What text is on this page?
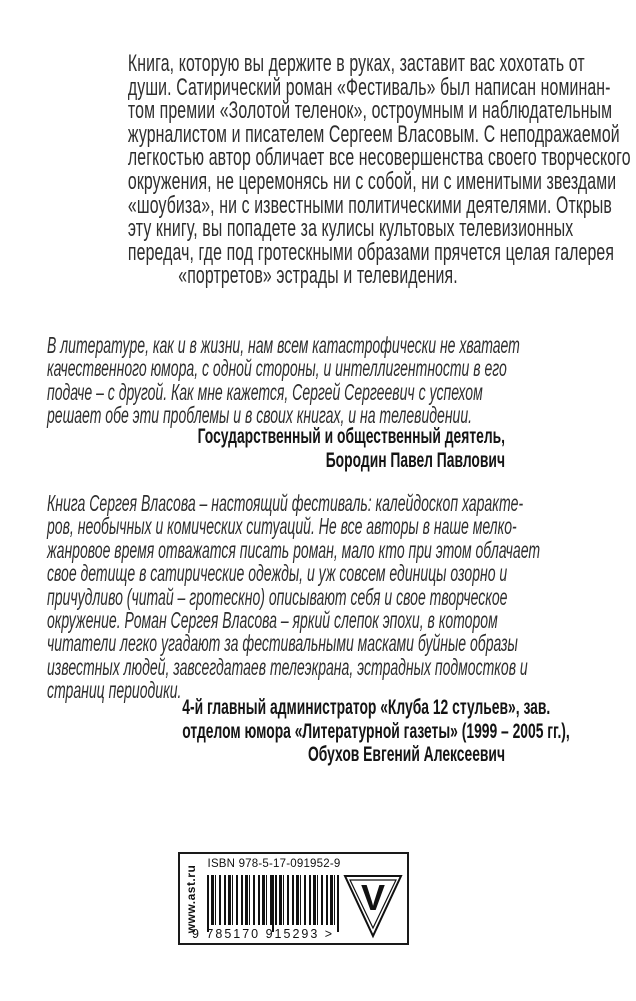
Книга, которую вы держите в руках, заставит вас хохотать от
души. Сатирический роман «Фестиваль» был написан номинан-
том премии «Золотой теленок», остроумным и наблюдательным
журналистом и писателем Сергеем Власовым. С неподражаемой
легкостью автор обличает все несовершенства своего творческого
окружения, не церемонясь ни с собой, ни с именитыми звездами
«шоубиза», ни с известными политическими деятелями. Открыв
эту книгу, вы попадете за кулисы культовых телевизионных
передач, где под гротескными образами прячется целая галерея
«портретов» эстрады и телевидения.
В литературе, как и в жизни, нам всем катастрофически не хватает
качественного юмора, с одной стороны, и интеллигентности в его
подаче – с другой. Как мне кажется, Сергей Сергеевич с успехом
решает обе эти проблемы и в своих книгах, и на телевидении.
Государственный и общественный деятель,
Бородин Павел Павлович
Книга Сергея Власова – настоящий фестиваль: калейдоскоп характе-
ров, необычных и комических ситуаций. Не все авторы в наше мелко-
жанровое время отважатся писать роман, мало кто при этом облачает
свое детище в сатирические одежды, и уж совсем единицы озорно и
причудливо (читай – гротескно) описывают себя и свое творческое
окружение. Роман Сергея Власова – яркий слепок эпохи, в котором
читатели легко угадают за фестивальными масками буйные образы
известных людей, завсегдатаев телеэкрана, эстрадных подмостков и
страниц периодики.
4-й главный администратор «Клуба 12 стульев», зав.
отделом юмора «Литературной газеты» (1999 – 2005 гг.),
Обухов Евгений Алексеевич
www.ast.ru
ISBN 978-5-17-091952-9
9 785170 915293 >
V
